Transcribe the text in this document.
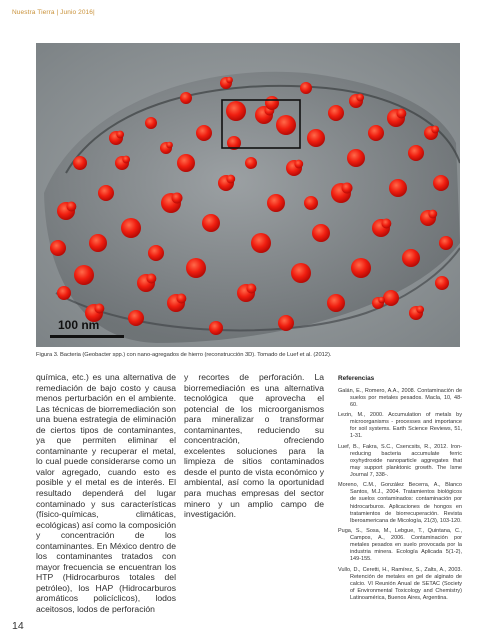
Nuestra Tierra | Junio 2016|
100 nm
Figura 3. Bacteria (Geobacter spp.) con nano-agregados de hierro (reconstrucción 3D). Tomado de Luef et al. (2012).

química, etc.) es una alternativa de remediación de bajo costo y causa menos perturbación en el ambiente. Las técnicas de biorremediación son una buena estrategia de eliminación de ciertos tipos de contaminantes, ya que permiten eliminar el contaminante y recuperar el metal, lo cual puede considerarse como un valor agregado, cuando esto es posible y el metal es de interés. El resultado dependerá del lugar contaminado y sus características (físico-químicas, climáticas, ecológicas) así como la composición y concentración de los contaminantes. En México dentro de los contaminantes tratados con mayor frecuencia se encuentran los HTP (Hidrocarburos totales del petróleo), los HAP (Hidrocarburos aromáticos policíclicos), lodos aceitosos, lodos de perforación

y recortes de perforación. La biorremediación es una alternativa tecnológica que aprovecha el potencial de los microorganismos para mineralizar o transformar contaminantes, reduciendo su concentración, ofreciendo excelentes soluciones para la limpieza de sitios contaminados desde el punto de vista económico y ambiental, así como la oportunidad para muchas empresas del sector minero y un amplio campo de investigación.

Referencias
Galán, E., Romero, A.A., 2008. Contaminación de suelos por metales pesados. Macla, 10, 48-60.
Lezin, M., 2000. Accumulation of metals by microorganisms - processes and importance for soil systems. Earth Science Reviews, 51, 1-31.
Luef, B., Fakra, S.C., Csencsits, R., 2012. Iron-reducing bacteria accumulate ferric oxyhydroxide nanoparticle aggregates that may support planktonic growth. The Isme Journal 7, 338-.
Moreno, C.M., González Becerra, A., Blanco Santos, M.J., 2004. Tratamientos biológicos de suelos contaminados: contaminación por hidrocarburos. Aplicaciones de hongos en tratamientos de biorrecuperación. Revista Iberoamericana de Micología, 21(3), 103-120.
Puga, S., Sosa, M., Lebgue, T., Quintana, C., Campos, A., 2006. Contaminación por metales pesados en suelo provocada por la industria minera. Ecología Aplicada 5(1-2), 149-155.
Vullo, D., Ceretti, H., Ramírez, S., Zalts, A., 2003. Retención de metales en gel de alginato de calcio. VI Reunión Anual de SETAC (Society of Environmental Toxicology and Chemistry) Latinoamérica, Buenos Aires, Argentina.
14
